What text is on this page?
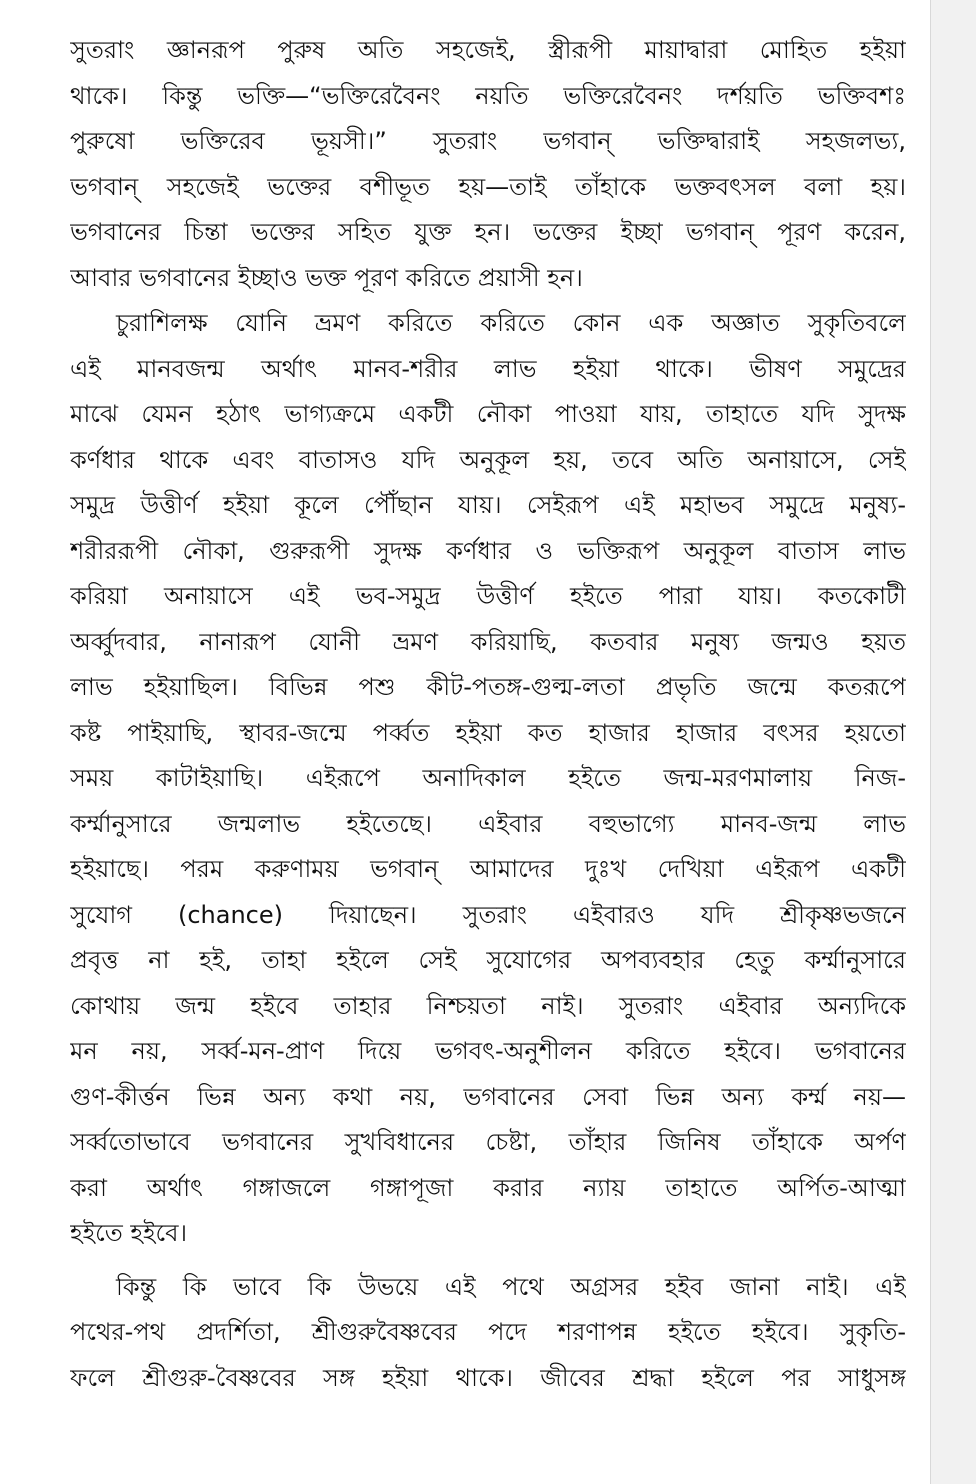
সুতরাং জ্ঞানরূপ পুরুষ অতি সহজেই, স্ত্রীরূপী মায়াদ্বারা মোহিত হইয়া
থাকে। কিন্তু ভক্তি—“ভক্তিরেবৈনং নয়তি ভক্তিরেবৈনং দর্শয়তি ভক্তিবশঃ
পুরুষো ভক্তিরেব ভূয়সী।” সুতরাং ভগবান্ ভক্তিদ্বারাই সহজলভ্য,
ভগবান্ সহজেই ভক্তের বশীভূত হয়—তাই তাঁহাকে ভক্তবৎসল বলা হয়।
ভগবানের চিন্তা ভক্তের সহিত যুক্ত হন। ভক্তের ইচ্ছা ভগবান্ পূরণ করেন,
আবার ভগবানের ইচ্ছাও ভক্ত পূরণ করিতে প্রয়াসী হন।
চুরাশিলক্ষ যোনি ভ্রমণ করিতে করিতে কোন এক অজ্ঞাত সুকৃতিবলে
এই মানবজন্ম অর্থাৎ মানব-শরীর লাভ হইয়া থাকে। ভীষণ সমুদ্রের
মাঝে যেমন হঠাৎ ভাগ্যক্রমে একটী নৌকা পাওয়া যায়, তাহাতে যদি সুদক্ষ
কর্ণধার থাকে এবং বাতাসও যদি অনুকূল হয়, তবে অতি অনায়াসে, সেই
সমুদ্র উত্তীর্ণ হইয়া কূলে পৌঁছান যায়। সেইরূপ এই মহাভব সমুদ্রে মনুষ্য-
শরীররূপী নৌকা, গুরুরূপী সুদক্ষ কর্ণধার ও ভক্তিরূপ অনুকূল বাতাস লাভ
করিয়া অনায়াসে এই ভব-সমুদ্র উত্তীর্ণ হইতে পারা যায়। কতকোটী
অর্ব্বুদবার, নানারূপ যোনী ভ্রমণ করিয়াছি, কতবার মনুষ্য জন্মও হয়ত
লাভ হইয়াছিল। বিভিন্ন পশু কীট-পতঙ্গ-গুল্ম-লতা প্রভৃতি জন্মে কতরূপে
কষ্ট পাইয়াছি, স্থাবর-জন্মে পর্ব্বত হইয়া কত হাজার হাজার বৎসর হয়তো
সময় কাটাইয়াছি। এইরূপে অনাদিকাল হইতে জন্ম-মরণমালায় নিজ-
কর্ম্মানুসারে জন্মলাভ হইতেছে। এইবার বহুভাগ্যে মানব-জন্ম লাভ
হইয়াছে। পরম করুণাময় ভগবান্ আমাদের দুঃখ দেখিয়া এইরূপ একটী
সুযোগ (chance) দিয়াছেন। সুতরাং এইবারও যদি শ্রীকৃষ্ণভজনে
প্রবৃত্ত না হই, তাহা হইলে সেই সুযোগের অপব্যবহার হেতু কর্ম্মানুসারে
কোথায় জন্ম হইবে তাহার নিশ্চয়তা নাই। সুতরাং এইবার অন্যদিকে
মন নয়, সর্ব্ব-মন-প্রাণ দিয়ে ভগবৎ-অনুশীলন করিতে হইবে। ভগবানের
গুণ-কীর্ত্তন ভিন্ন অন্য কথা নয়, ভগবানের সেবা ভিন্ন অন্য কর্ম্ম নয়—
সর্ব্বতোভাবে ভগবানের সুখবিধানের চেষ্টা, তাঁহার জিনিষ তাঁহাকে অর্পণ
করা অর্থাৎ গঙ্গাজলে গঙ্গাপূজা করার ন্যায় তাহাতে অর্পিত-আত্মা
হইতে হইবে।
কিন্তু কি ভাবে কি উভয়ে এই পথে অগ্রসর হইব জানা নাই। এই
পথের-পথ প্রদর্শিতা, শ্রীগুরুবৈষ্ণবের পদে শরণাপন্ন হইতে হইবে। সুকৃতি-
ফলে শ্রীগুরু-বৈষ্ণবের সঙ্গ হইয়া থাকে। জীবের শ্রদ্ধা হইলে পর সাধুসঙ্গ
